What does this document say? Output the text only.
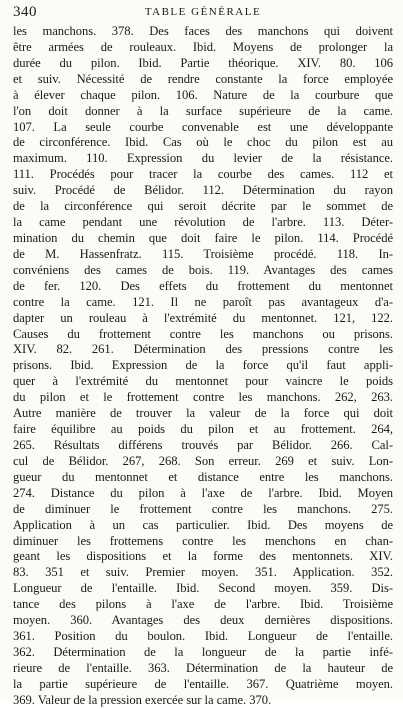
340	TABLE GÉNÉRALE
les manchons. 378. Des faces des manchons qui doivent
être armées de rouleaux. Ibid. Moyens de prolonger la
durée du pilon. Ibid. Partie théorique. XIV. 80. 106
et suiv. Nécessité de rendre constante la force employée
à élever chaque pilon. 106. Nature de la courbure que
l'on doit donner à la surface supérieure de la came.
107. La seule courbe convenable est une développante
de circonférence. Ibid. Cas où le choc du pilon est au
maximum. 110. Expression du levier de la résistance.
111. Procédés pour tracer la courbe des cames. 112 et
suiv. Procédé de Bélidor. 112. Détermination du rayon
de la circonférence qui seroit décrite par le sommet de
la came pendant une révolution de l'arbre. 113. Déter-
mination du chemin que doit faire le pilon. 114. Procédé
de M. Hassenfratz. 115. Troisième procédé. 118. In-
convéniens des cames de bois. 119. Avantages des cames
de fer. 120. Des effets du frottement du mentonnet
contre la came. 121. Il ne paroît pas avantageux d'a-
dapter un rouleau à l'extrémité du mentonnet. 121, 122.
Causes du frottement contre les manchons ou prisons.
XIV. 82. 261. Détermination des pressions contre les
prisons. Ibid. Expression de la force qu'il faut appli-
quer à l'extrémité du mentonnet pour vaincre le poids
du pilon et le frottement contre les manchons. 262, 263.
Autre manière de trouver la valeur de la force qui doit
faire équilibre au poids du pilon et au frottement. 264,
265. Résultats différens trouvés par Bélidor. 266. Cal-
cul de Bélidor. 267, 268. Son erreur. 269 et suiv. Lon-
gueur du mentonnet et distance entre les manchons.
274. Distance du pilon à l'axe de l'arbre. Ibid. Moyen
de diminuer le frottement contre les manchons. 275.
Application à un cas particulier. Ibid. Des moyens de
diminuer les frottemens contre les menchons en chan-
geant les dispositions et la forme des mentonnets. XIV.
83. 351 et suiv. Premier moyen. 351. Application. 352.
Longueur de l'entaille. Ibid. Second moyen. 359. Dis-
tance des pilons à l'axe de l'arbre. Ibid. Troisième
moyen. 360. Avantages des deux dernières dispositions.
361. Position du boulon. Ibid. Longueur de l'entaille.
362. Détermination de la longueur de la partie infé-
rieure de l'entaille. 363. Détermination de la hauteur de
la partie supérieure de l'entaille. 367. Quatrième moyen.
369. Valeur de la pression exercée sur la came. 370.
